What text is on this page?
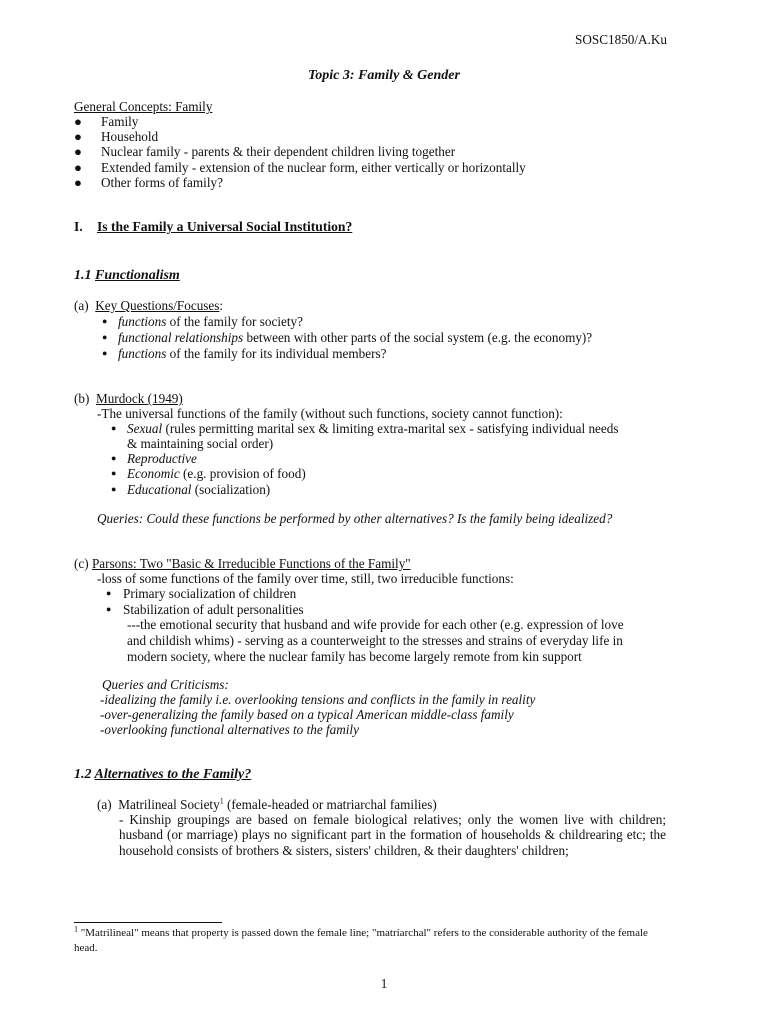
SOSC1850/A.Ku
Topic 3: Family & Gender
General Concepts: Family
● Family
● Household
● Nuclear family - parents & their dependent children living together
● Extended family - extension of the nuclear form, either vertically or horizontally
● Other forms of family?
I. Is the Family a Universal Social Institution?
1.1 Functionalism
(a) Key Questions/Focuses:
● functions of the family for society?
● functional relationships between with other parts of the social system (e.g. the economy)?
● functions of the family for its individual members?
(b) Murdock (1949)
-The universal functions of the family (without such functions, society cannot function):
● Sexual (rules permitting marital sex & limiting extra-marital sex - satisfying individual needs
& maintaining social order)
● Reproductive
● Economic (e.g. provision of food)
● Educational (socialization)
Queries: Could these functions be performed by other alternatives? Is the family being idealized?
(c) Parsons: Two "Basic & Irreducible Functions of the Family"
-loss of some functions of the family over time, still, two irreducible functions:
● Primary socialization of children
● Stabilization of adult personalities
---the emotional security that husband and wife provide for each other (e.g. expression of love
and childish whims) - serving as a counterweight to the stresses and strains of everyday life in
modern society, where the nuclear family has become largely remote from kin support
Queries and Criticisms:
-idealizing the family i.e. overlooking tensions and conflicts in the family in reality
-over-generalizing the family based on a typical American middle-class family
-overlooking functional alternatives to the family
1.2 Alternatives to the Family?
(a) Matrilineal Society$^1$ (female-headed or matriarchal families)
- Kinship groupings are based on female biological relatives; only the women live with children; husband (or marriage) plays no significant part in the formation of households & childrearing etc; the household consists of brothers & sisters, sisters' children, & their daughters' children;
$^1$ "Matrilineal" means that property is passed down the female line; "matriarchal" refers to the considerable authority of the female head.
1
